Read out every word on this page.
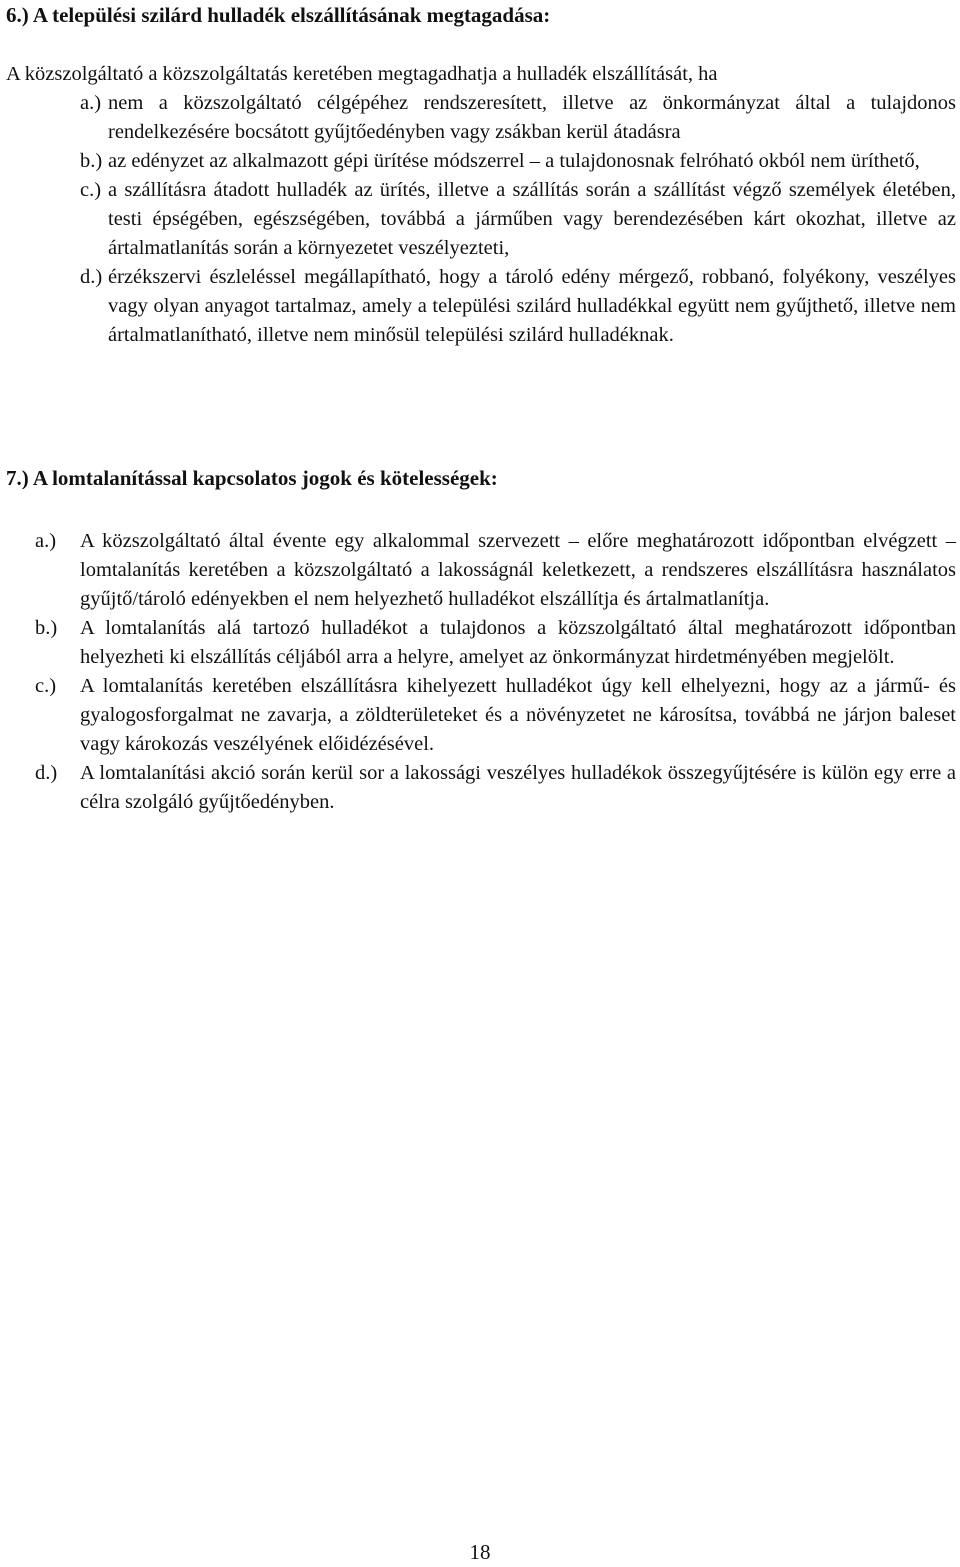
6.) A települési szilárd hulladék elszállításának megtagadása:

A közszolgáltató a közszolgáltatás keretében megtagadhatja a hulladék elszállítását, ha

a.) nem a közszolgáltató célgépéhez rendszeresített, illetve az önkormányzat által a tulajdonos rendelkezésére bocsátott gyűjtőedényben vagy zsákban kerül átadásra
b.) az edényzet az alkalmazott gépi ürítése módszerrel – a tulajdonosnak felróható okból nem üríthető,
c.) a szállításra átadott hulladék az ürítés, illetve a szállítás során a szállítást végző személyek életében, testi épségében, egészségében, továbbá a járműben vagy berendezésében kárt okozhat, illetve az ártalmatlanítás során a környezetet veszélyezteti,
d.) érzékszervi észleléssel megállapítható, hogy a tároló edény mérgező, robbanó, folyékony, veszélyes vagy olyan anyagot tartalmaz, amely a települési szilárd hulladékkal együtt nem gyűjthető, illetve nem ártalmatlanítható, illetve nem minősül települési szilárd hulladéknak.
7.) A lomtalanítással kapcsolatos jogok és kötelességek:
a.) A közszolgáltató által évente egy alkalommal szervezett – előre meghatározott időpontban elvégzett – lomtalanítás keretében a közszolgáltató a lakosságnál keletkezett, a rendszeres elszállításra használatos gyűjtő/tároló edényekben el nem helyezhető hulladékot elszállítja és ártalmatlanítja.
b.) A lomtalanítás alá tartozó hulladékot a tulajdonos a közszolgáltató által meghatározott időpontban helyezheti ki elszállítás céljából arra a helyre, amelyet az önkormányzat hirdetményében megjelölt.
c.) A lomtalanítás keretében elszállításra kihelyezett hulladékot úgy kell elhelyezni, hogy az a jármű- és gyalogosforgalmat ne zavarja, a zöldterületeket és a növényzetet ne károsítsa, továbbá ne járjon baleset vagy károkozás veszélyének előidézésével.
d.) A lomtalanítási akció során kerül sor a lakossági veszélyes hulladékok összegyűjtésére is külön egy erre a célra szolgáló gyűjtőedényben.

18
